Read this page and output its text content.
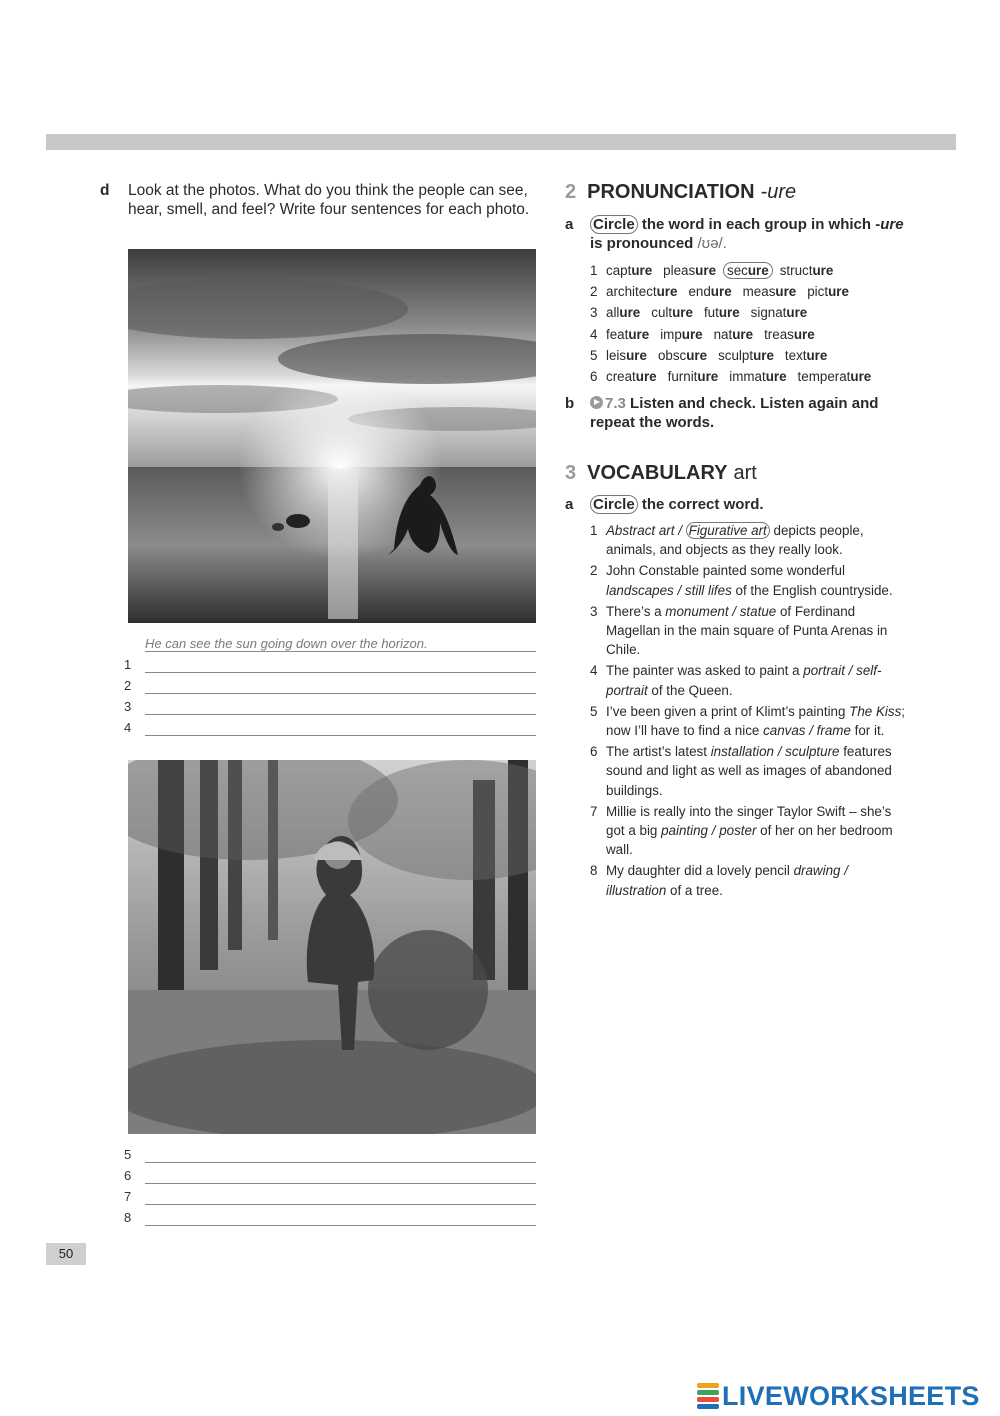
d Look at the photos. What do you think the people can see, hear, smell, and feel? Write four sentences for each photo.
He can see the sun going down over the horizon.
1
2
3
4
5
6
7
8
50
2 PRONUNCIATION -ure
a Circle the word in each group in which -ure is pronounced /ʊə/.
1 capture pleasure secure structure
2 architecture endure measure picture
3 allure culture future signature
4 feature impure nature treasure
5 leisure obscure sculpture texture
6 creature furniture immature temperature
b	7.3 Listen and check. Listen again and repeat the words.
3 VOCABULARY art
a Circle the correct word.
1 Abstract art / Figurative art depicts people, animals, and objects as they really look.
2 John Constable painted some wonderful landscapes / still lifes of the English countryside.
3 There’s a monument / statue of Ferdinand Magellan in the main square of Punta Arenas in Chile.
4 The painter was asked to paint a portrait / self-portrait of the Queen.
5 I’ve been given a print of Klimt’s painting The Kiss; now I’ll have to find a nice canvas / frame for it.
6 The artist’s latest installation / sculpture features sound and light as well as images of abandoned buildings.
7 Millie is really into the singer Taylor Swift – she’s got a big painting / poster of her on her bedroom wall.
8 My daughter did a lovely pencil drawing / illustration of a tree.
LIVEWORKSHEETS
